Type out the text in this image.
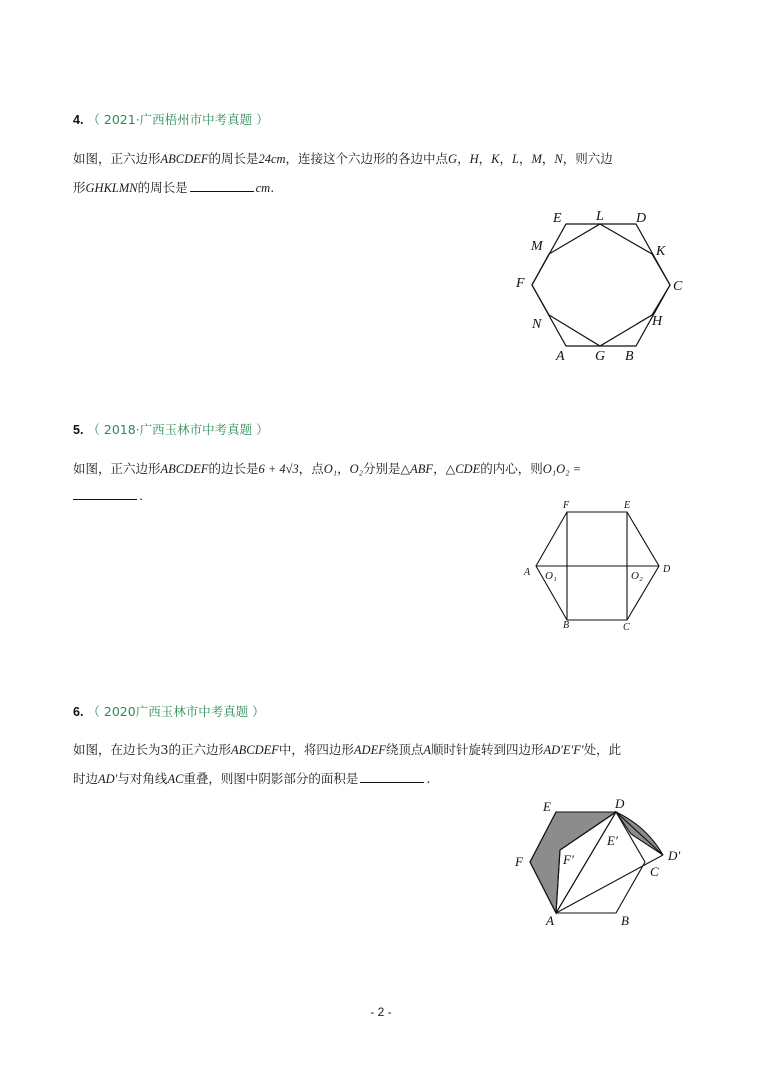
4. （ 2021·广西梧州市中考真题 ）
如图，正六边形ABCDEF的周长是24cm，连接这个六边形的各边中点G，H，K，L，M，N，则六边
形GHKLMN的周长是	cm.
E L D
M	K
F	C
N	H
A G B
5. （ 2018·广西玉林市中考真题 ）
如图，正六边形ABCDEF的边长是6 + 4√3，点O₁，O₂分别是△ABF，△CDE的内心，则O₁O₂ =
.
F	E
A O₁	O₂
D
B	C
6. （ 2020广西玉林市中考真题 ）
如图，在边长为3的正六边形ABCDEF中，将四边形ADEF绕顶点A顺时针旋转到四边形AD′E′F′处，此
时边AD′与对角线AC重叠，则图中阴影部分的面积是	.
E	D
E′
F	F′	D′
C
A	B
- 2 -
